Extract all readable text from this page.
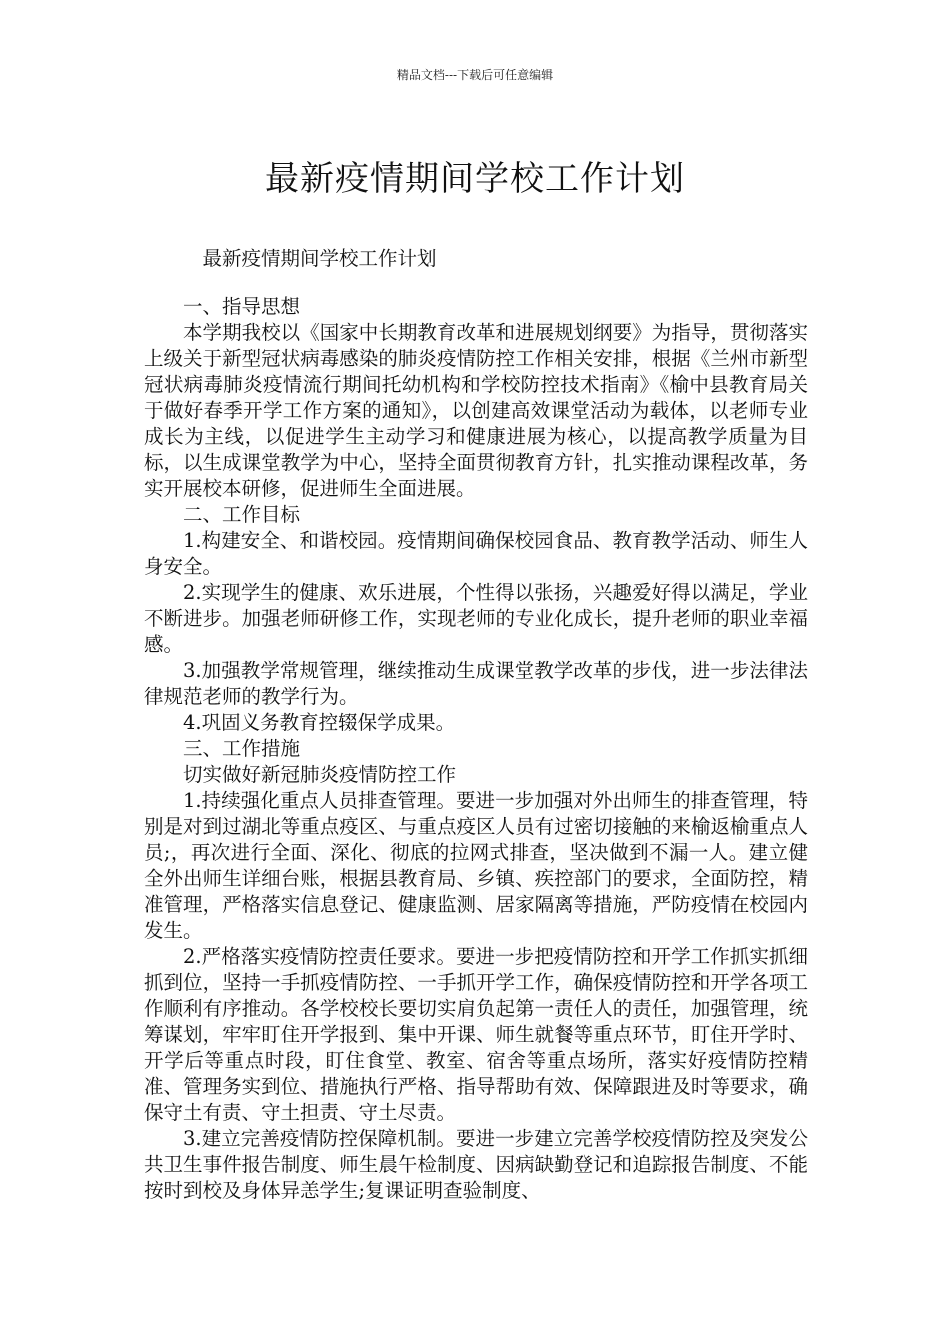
精品文档---下载后可任意编辑
最新疫情期间学校工作计划

最新疫情期间学校工作计划

一、指导思想

本学期我校以《国家中长期教育改革和进展规划纲要》为指导，贯彻落实上级关于新型冠状病毒感染的肺炎疫情防控工作相关安排，根据《兰州市新型冠状病毒肺炎疫情流行期间托幼机构和学校防控技术指南》《榆中县教育局关于做好春季开学工作方案的通知》，以创建高效课堂活动为载体，以老师专业成长为主线，以促进学生主动学习和健康进展为核心，以提高教学质量为目标，以生成课堂教学为中心，坚持全面贯彻教育方针，扎实推动课程改革，务实开展校本研修，促进师生全面进展。

二、工作目标

1.构建安全、和谐校园。疫情期间确保校园食品、教育教学活动、师生人身安全。

2.实现学生的健康、欢乐进展，个性得以张扬，兴趣爱好得以满足，学业不断进步。加强老师研修工作，实现老师的专业化成长，提升老师的职业幸福感。

3.加强教学常规管理，继续推动生成课堂教学改革的步伐，进一步法律法律规范老师的教学行为。

4.巩固义务教育控辍保学成果。

三、工作措施

切实做好新冠肺炎疫情防控工作

1.持续强化重点人员排查管理。要进一步加强对外出师生的排查管理，特别是对到过湖北等重点疫区、与重点疫区人员有过密切接触的来榆返榆重点人员;，再次进行全面、深化、彻底的拉网式排查，坚决做到不漏一人。建立健全外出师生详细台账，根据县教育局、乡镇、疾控部门的要求，全面防控，精准管理，严格落实信息登记、健康监测、居家隔离等措施，严防疫情在校园内发生。

2.严格落实疫情防控责任要求。要进一步把疫情防控和开学工作抓实抓细抓到位，坚持一手抓疫情防控、一手抓开学工作，确保疫情防控和开学各项工作顺利有序推动。各学校校长要切实肩负起第一责任人的责任，加强管理，统筹谋划，牢牢盯住开学报到、集中开课、师生就餐等重点环节，盯住开学时、开学后等重点时段，盯住食堂、教室、宿舍等重点场所，落实好疫情防控精准、管理务实到位、措施执行严格、指导帮助有效、保障跟进及时等要求，确保守土有责、守土担责、守土尽责。

3.建立完善疫情防控保障机制。要进一步建立完善学校疫情防控及突发公共卫生事件报告制度、师生晨午检制度、因病缺勤登记和追踪报告制度、不能按时到校及身体异恙学生;复课证明查验制度、
